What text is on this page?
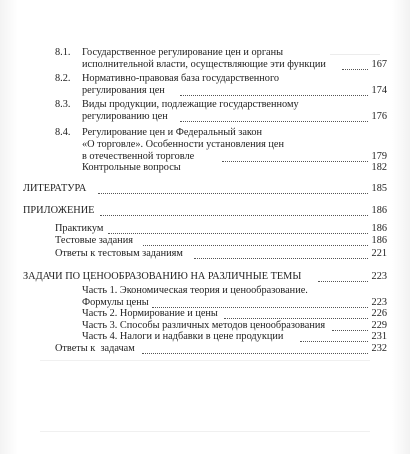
8.1. Государственное регулирование цен и органы
исполнительной власти, осуществляющие эти функции	167
8.2. Нормативно-правовая база государственного
регулирования цен	174
8.3. Виды продукции, подлежащие государственному
регулированию цен	176
8.4. Регулирование цен и Федеральный закон
«О торговле». Особенности установления цен
в отечественной торговле	179
Контрольные вопросы	182
ЛИТЕРАТУРА	185
ПРИЛОЖЕНИЕ	186
Практикум	186
Тестовые задания	186
Ответы к тестовым заданиям	221
ЗАДАЧИ ПО ЦЕНООБРАЗОВАНИЮ НА РАЗЛИЧНЫЕ ТЕМЫ	223
Часть 1. Экономическая теория и ценообразование.
Формулы цены	223
Часть 2. Нормирование и цены	226
Часть 3. Способы различных методов ценообразования	229
Часть 4. Налоги и надбавки в цене продукции	231
Ответы к  задачам	232
